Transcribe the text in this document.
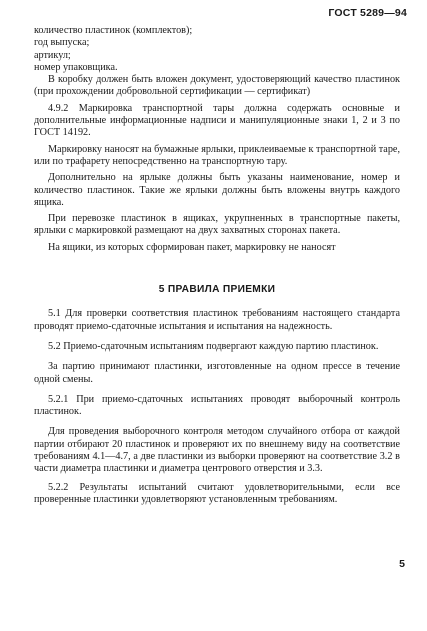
ГОСТ 5289—94

количество пластинок (комплектов);

год выпуска;

артикул;

номер упаковщика.

В коробку должен быть вложен документ, удостоверяющий качество пластинок (при прохождении добровольной сертификации — сертификат)

4.9.2 Маркировка транспортной тары должна содержать основные и дополнительные информационные надписи и манипуляционные знаки 1, 2 и 3 по ГОСТ 14192.

Маркировку наносят на бумажные ярлыки, приклеиваемые к транспортной таре, или по трафарету непосредственно на транспортную тару.

Дополнительно на ярлыке должны быть указаны наименование, номер и количество пластинок. Такие же ярлыки должны быть вложены внутрь каждого ящика.

При перевозке пластинок в ящиках, укрупненных в транспортные пакеты, ярлыки с маркировкой размещают на двух захватных сторонах пакета.

На ящики, из которых сформирован пакет, маркировку не наносят

5 ПРАВИЛА ПРИЕМКИ

5.1 Для проверки соответствия пластинок требованиям настоящего стандарта проводят приемо-сдаточные испытания и испытания на надежность.

5.2 Приемо-сдаточным испытаниям подвергают каждую партию пластинок.

За партию принимают пластинки, изготовленные на одном прессе в течение одной смены.

5.2.1 При приемо-сдаточных испытаниях проводят выборочный контроль пластинок.

Для проведения выборочного контроля методом случайного отбора от каждой партии отбирают 20 пластинок и проверяют их по внешнему виду на соответствие требованиям 4.1—4.7, а две пластинки из выборки проверяют на соответствие 3.2 в части диаметра пластинки и диаметра центрового отверстия и 3.3.

5.2.2 Результаты испытаний считают удовлетворительными, если все проверенные пластинки удовлетворяют установленным требованиям.

5
